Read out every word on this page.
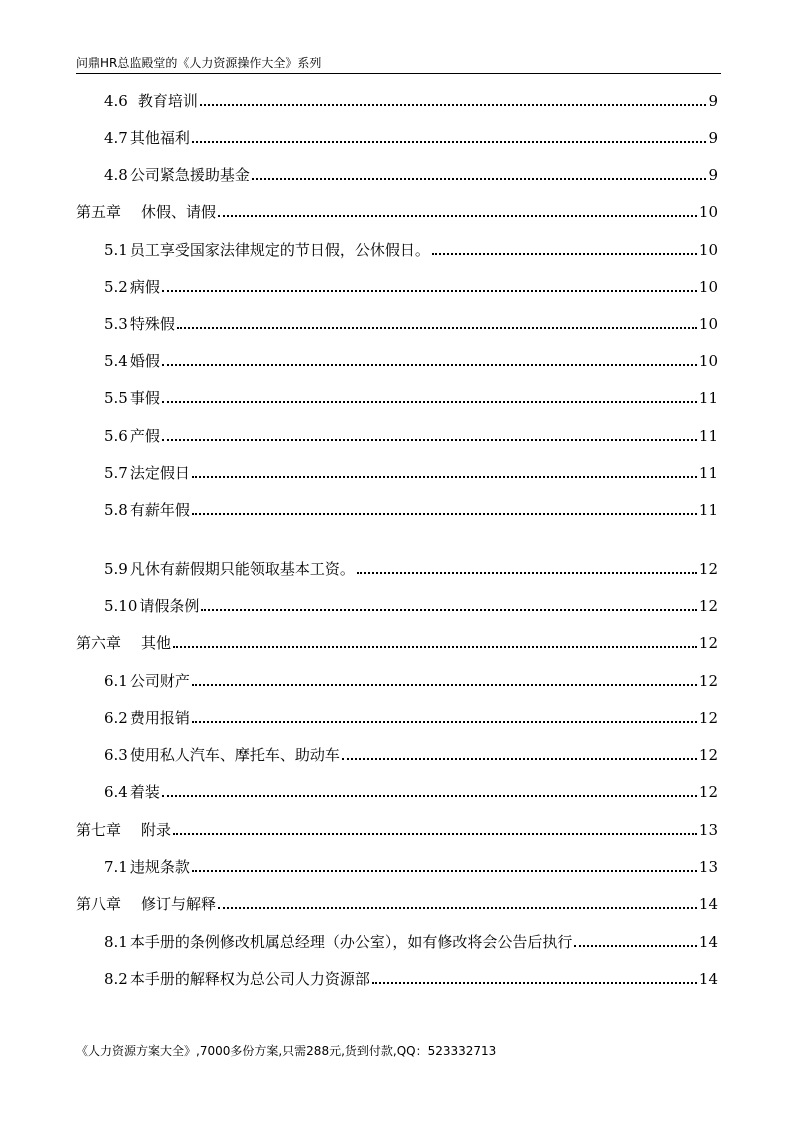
问鼎HR总监殿堂的《人力资源操作大全》系列
4.6 教育培训	9
4.7 其他福利	9
4.8 公司紧急援助基金	9
第五章 休假、请假	10
5.1 员工享受国家法律规定的节日假，公休假日。	10
5.2 病假	10
5.3 特殊假	10
5.4 婚假	10
5.5 事假	11
5.6 产假	11
5.7 法定假日	11
5.8 有薪年假	11
5.9 凡休有薪假期只能领取基本工资。	12
5.10 请假条例	12
第六章 其他	12
6.1 公司财产	12
6.2 费用报销	12
6.3 使用私人汽车、摩托车、助动车	12
6.4 着装	12
第七章 附录	13
7.1 违规条款	13
第八章 修订与解释	14
8.1 本手册的条例修改机属总经理（办公室），如有修改将会公告后执行	14
8.2 本手册的解释权为总公司人力资源部	14
《人力资源方案大全》,7000多份方案,只需288元,货到付款,QQ：523332713
